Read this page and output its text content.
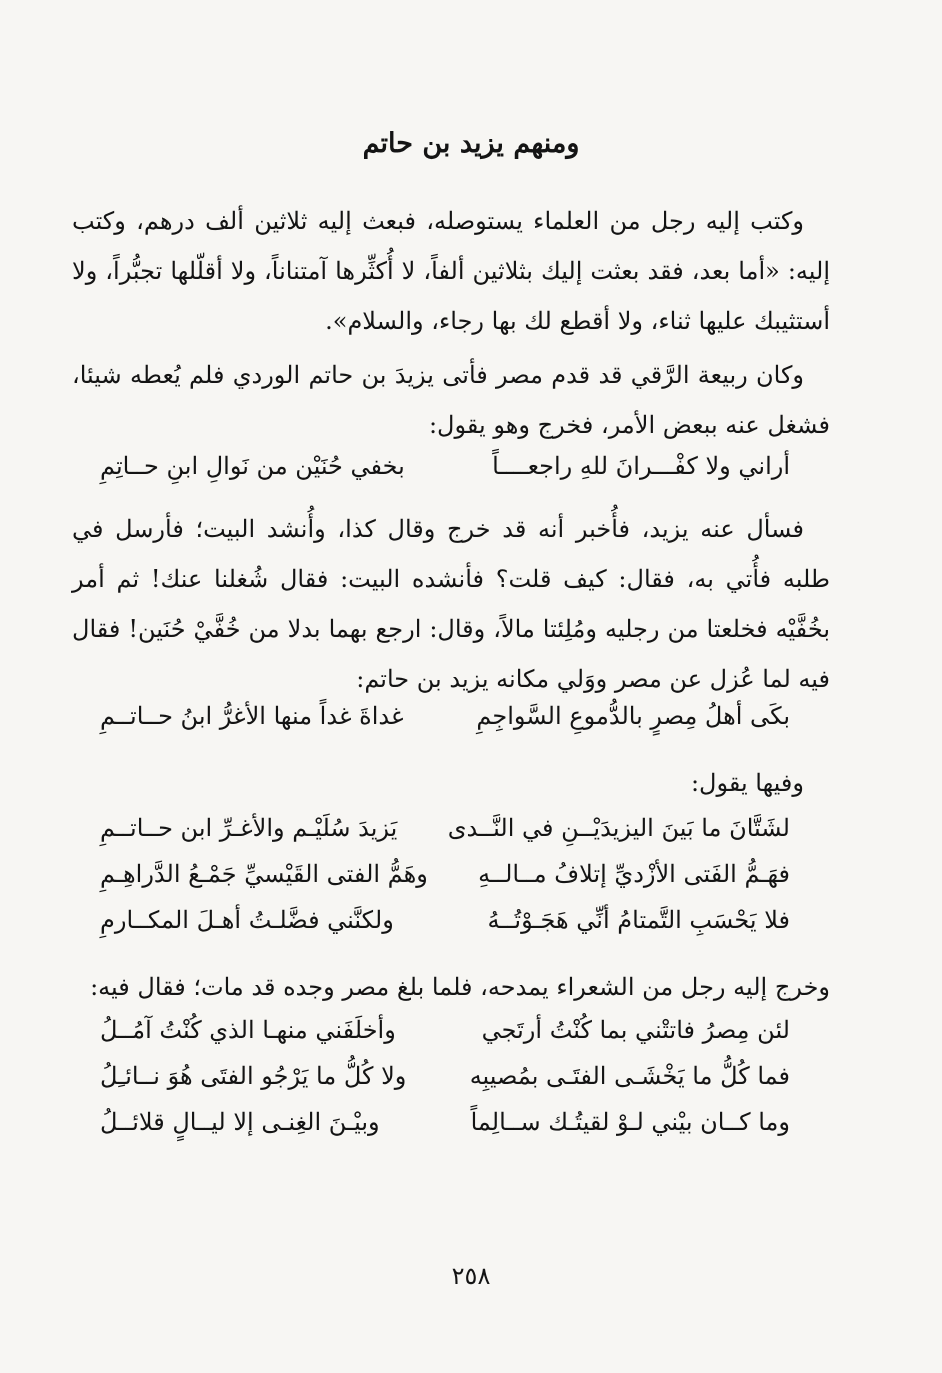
ومنهم يزيد بن حاتم
وكتب إليه رجل من العلماء يستوصله، فبعث إليه ثلاثين ألف درهم، وكتب إليه: «أما بعد، فقد بعثت إليك بثلاثين ألفاً، لا أُكثِّرها آمتناناً، ولا أقلّلها تجبُّراً، ولا أستثيبك عليها ثناء، ولا أقطع لك بها رجاء، والسلام».
وكان ربيعة الرَّقي قد قدم مصر فأتى يزيدَ بن حاتم الوردي فلم يُعطه شيئا، فشغل عنه ببعض الأمر، فخرج وهو يقول:
أراني ولا كفْـــرانَ للهِ راجعــــاً
بخفي حُنَيْن من نَوالِ ابنِ حــاتِمِ
فسأل عنه يزيد، فأُخبر أنه قد خرج وقال كذا، وأُنشد البيت؛ فأرسل في طلبه فأُتي به، فقال: كيف قلت؟ فأنشده البيت: فقال شُغلنا عنك! ثم أمر بخُفَّيْه فخلعتا من رجليه ومُلِئتا مالاً، وقال: ارجع بهما بدلا من خُفَّيْ حُنَين! فقال فيه لما عُزل عن مصر ووَلي مكانه يزيد بن حاتم:
بكَى أهلُ مِصرٍ بالدُّموعِ السَّواجِمِ
غداةَ غداً منها الأغرُّ ابنُ حــاتــمِ
وفيها يقول:
لشَتَّانَ ما بَينَ اليزيدَيْــنِ في النَّــدى
يَزيدَ سُلَيْـم والأغـرِّ ابن حــاتــمِ
فهَـمُّ الفَتى الأزْديِّ إتلافُ مــالــهِ
وهَمُّ الفتى القَيْسيِّ جَمْـعُ الدَّراهِـمِ
فلا يَحْسَبِ التَّمتامُ أنِّي هَجَـوْتُــهُ
ولكنَّني فضَّلـتُ أهـلَ المكــارمِ
وخرج إليه رجل من الشعراء يمدحه، فلما بلغ مصر وجده قد مات؛ فقال فيه:
لئن مِصرُ فاتتْني بما كُنْتُ أرتَجي
وأخلَفَني منهـا الذي كُنْتُ آمُــلُ
فما كُلُّ ما يَخْشَـى الفتَـى بمُصيبِه
ولا كُلُّ ما يَرْجُو الفتَى هُوَ نــائـِلُ
وما كــان بيْني لـوْ لقيتُـك ســالِماً
وبيْـنَ الغِنـى إلا ليــالٍ قلائــلُ
٢٥٨
